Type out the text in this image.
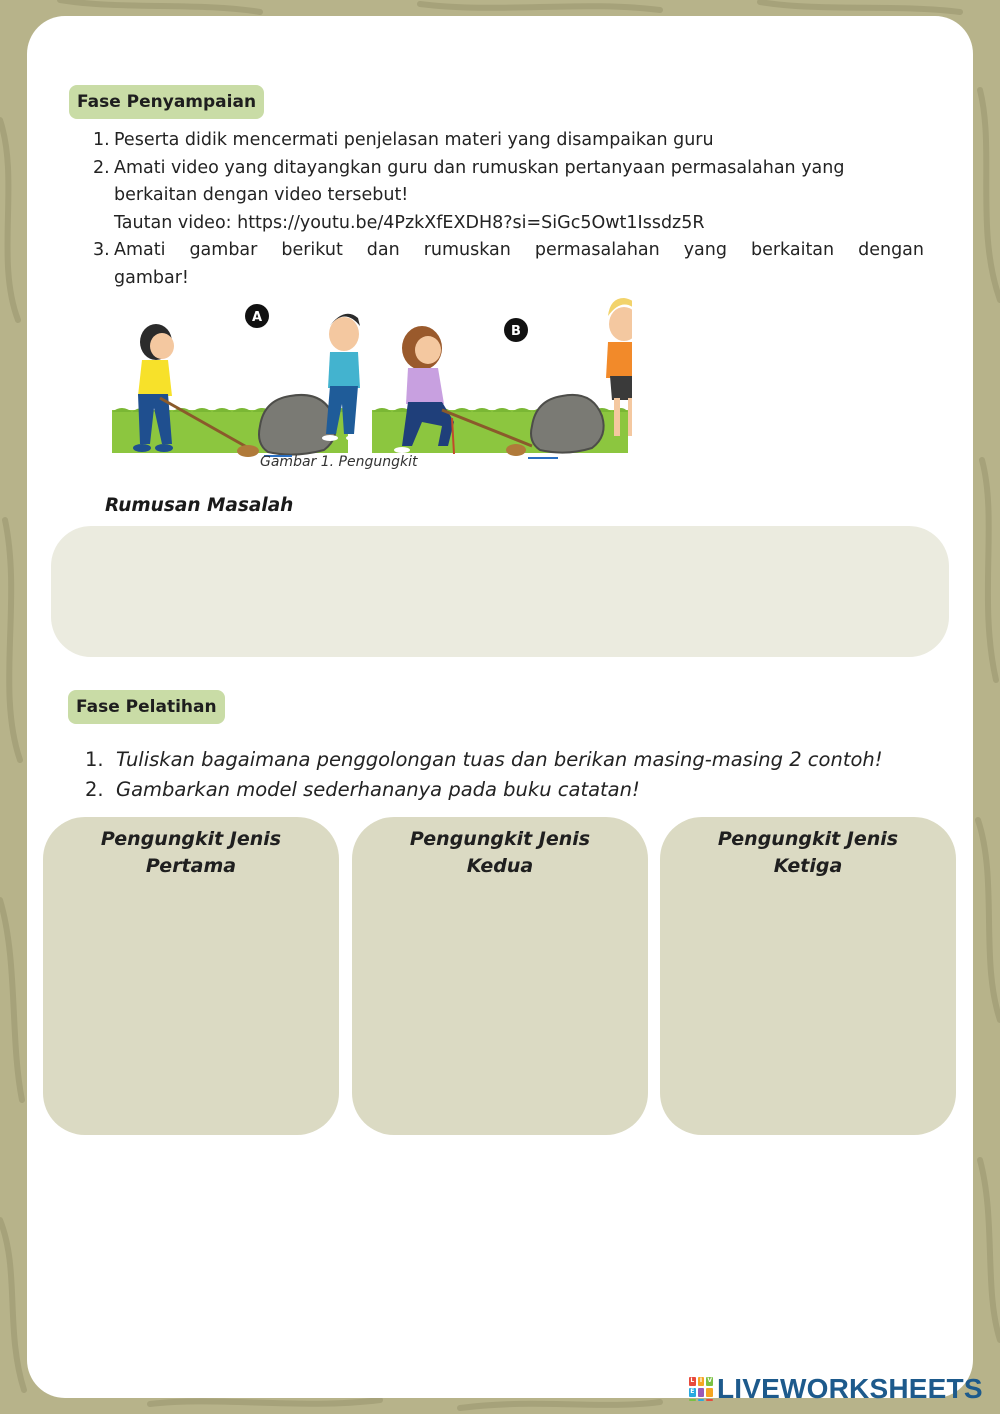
Fase Penyampaian
1. Peserta didik mencermati penjelasan materi yang disampaikan guru
2. Amati video yang ditayangkan guru dan rumuskan pertanyaan permasalahan yang berkaitan dengan video tersebut!
Tautan video: https://youtu.be/4PzkXfEXDH8?si=SiGc5Owt1Issdz5R
3. Amati gambar berikut dan rumuskan permasalahan yang berkaitan dengan
gambar!
A
B
Gambar 1. Pengungkit
Rumusan Masalah
Fase Pelatihan
1. Tuliskan bagaimana penggolongan tuas dan berikan masing-masing 2 contoh!
2. Gambarkan model sederhananya pada buku catatan!
Pengungkit Jenis
Pertama
Pengungkit Jenis
Kedua
Pengungkit Jenis
Ketiga
L I V
E LIVEWORKSHEETS
